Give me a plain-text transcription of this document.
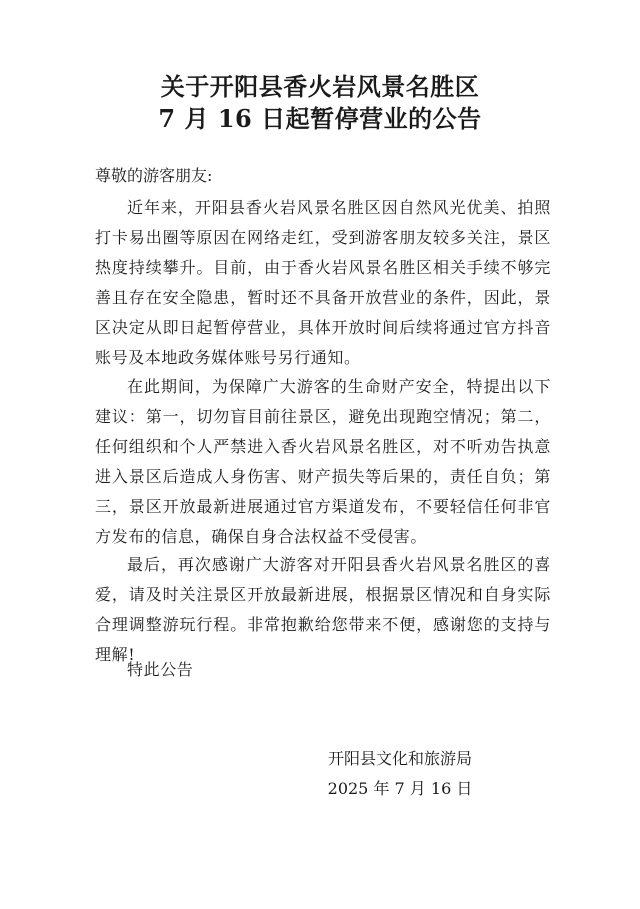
关于开阳县香火岩风景名胜区
7 月 16 日起暂停营业的公告
尊敬的游客朋友:

近年来，开阳县香火岩风景名胜区因自然风光优美、拍照打卡易出圈等原因在网络走红，受到游客朋友较多关注，景区热度持续攀升。目前，由于香火岩风景名胜区相关手续不够完善且存在安全隐患，暂时还不具备开放营业的条件，因此，景区决定从即日起暂停营业，具体开放时间后续将通过官方抖音账号及本地政务媒体账号另行通知。

在此期间，为保障广大游客的生命财产安全，特提出以下建议：第一，切勿盲目前往景区，避免出现跑空情况；第二，任何组织和个人严禁进入香火岩风景名胜区，对不听劝告执意进入景区后造成人身伤害、财产损失等后果的，责任自负；第三，景区开放最新进展通过官方渠道发布，不要轻信任何非官方发布的信息，确保自身合法权益不受侵害。

最后，再次感谢广大游客对开阳县香火岩风景名胜区的喜爱，请及时关注景区开放最新进展，根据景区情况和自身实际合理调整游玩行程。非常抱歉给您带来不便，感谢您的支持与理解!

特此公告

开阳县文化和旅游局
2025 年 7 月 16 日
